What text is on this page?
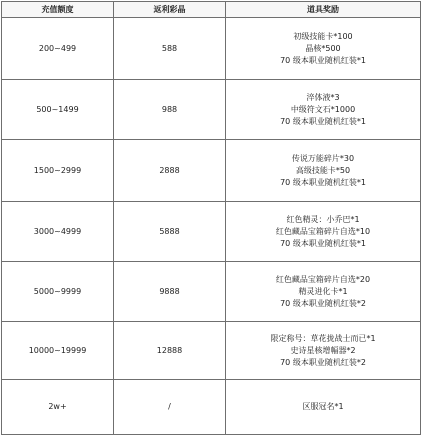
充值额度	返利彩晶	道具奖励
200~499	588	初级技能卡*100
晶核*500
70 级本职业随机红装*1

500~1499	988	淬体液*3
中级符文石*1000
70 级本职业随机红装*1

1500~2999	2888	传说万能碎片*30
高级技能卡*50
70 级本职业随机红装*1

3000~4999	5888	红色精灵：小乔巴*1
红色藏品宝箱碎片自选*10
70 级本职业随机红装*1

5000~9999	9888	红色藏品宝箱碎片自选*20
精灵进化卡*1
70 级本职业随机红装*2

10000~19999	12888	限定称号：草花拢战士而已*1
史诗星核增幅器*2
70 级本职业随机红装*2

2w+	/	区服冠名*1
